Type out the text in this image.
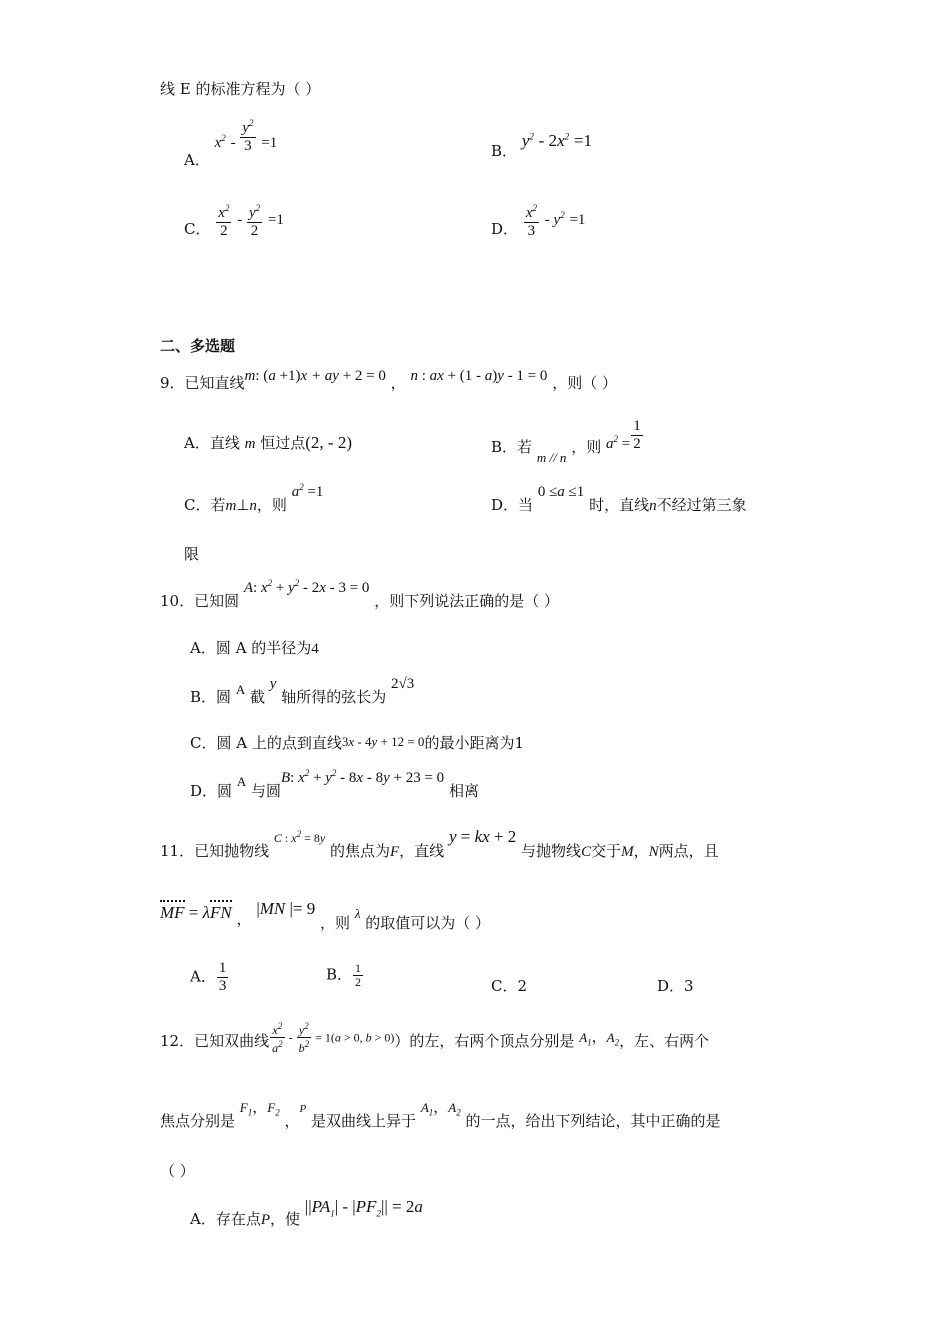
线 E 的标准方程为（ ）
A． $x^2 - \frac{y^2}{3} =1$	B． $y^2 - 2x^2 =1$
C． $\frac{x^2}{2} - \frac{y^2}{2} =1$	D． $\frac{x^2}{3} - y^2 =1$
二、多选题
9．已知直线m: (a +1)x + ay + 2 = 0 ， n : ax + (1 - a)y - 1 = 0 ，则（ ）
A．直线 m 恒过点(2, - 2)	B．若 m // n ，则 $a^2 = \frac{1}{2}$
C．若m⊥n，则 $a^2 =1$
D．当 0 ≤a ≤1 时，直线n不经过第三象
限
10．已知圆 A: $x^2 + y^2 - 2x - 3 = 0$ ，则下列说法正确的是（ ）
A．圆 A 的半径为4
B．圆 A 截 y 轴所得的弦长为 2√3
C．圆 A 上的点到直线3x - 4y + 12 = 0的最小距离为1
D．圆 A 与圆B: $x^2 + y^2 - 8x - 8y + 23 = 0$ 相离
11．已知抛物线 C : $x^2 = 8y$ 的焦点为F，直线 y = kx + 2 与抛物线C交于M，N两点，且
MF = λFN ， |MN |= 9 ，则 λ 的取值可以为（ ）
A． $\frac{1}{3}$	B． $\frac{1}{2}$	C．2	D．3
12．已知双曲线 $\frac{x^2}{a^2} - \frac{y^2}{b^2} = 1(a > 0$, b > 0)）的左，右两个顶点分别是 $A_1$，$A_2$，左、右两个
焦点分别是 $F_1$，$F_2$ ，P 是双曲线上异于 $A_1$，$A_2$ 的一点，给出下列结论，其中正确的是
（ ）
A．存在点P，使 $||PA_1| - |PF_2|| = 2a$
